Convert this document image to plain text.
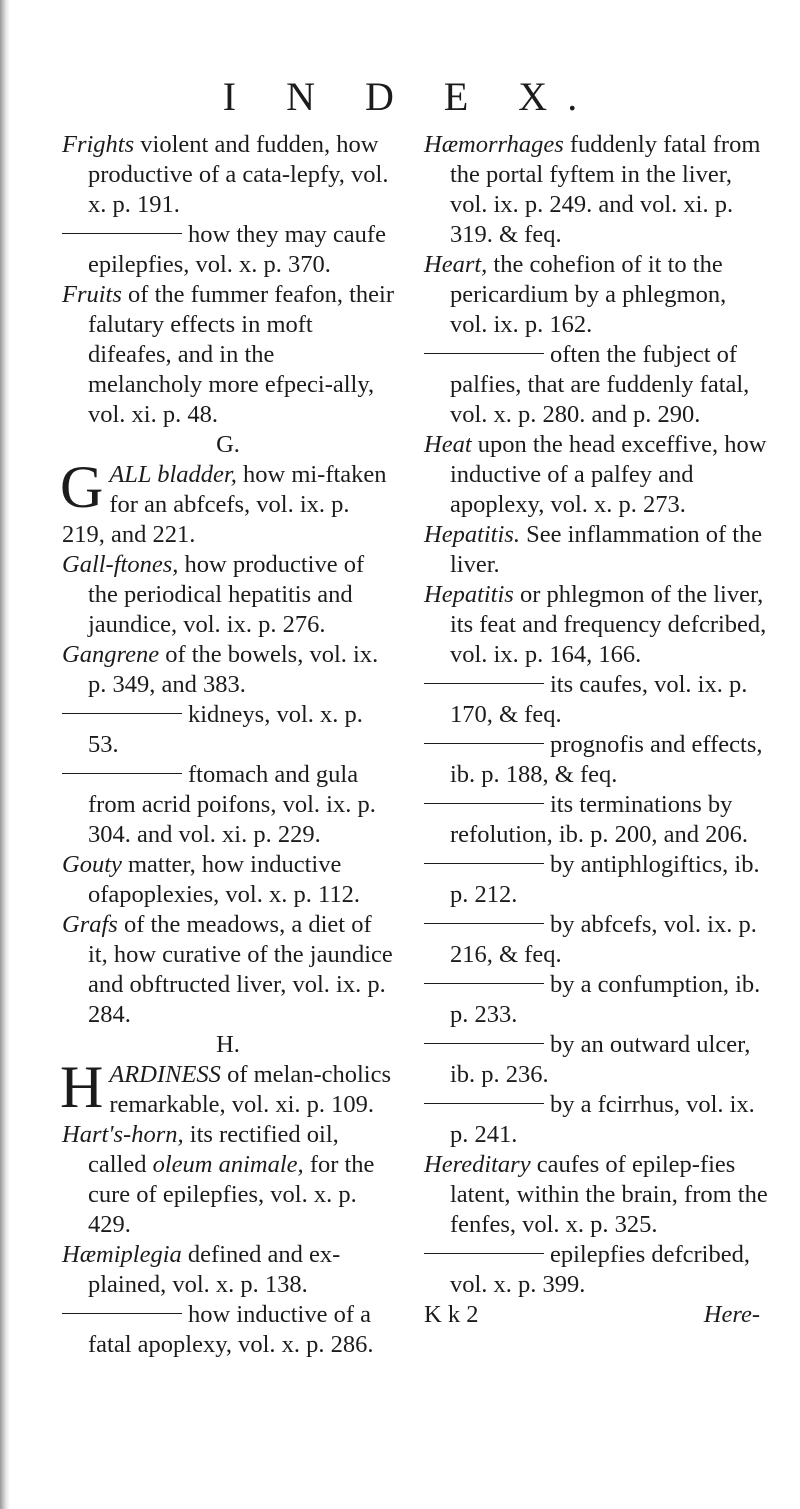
I N D E X.
Frights violent and fudden, how productive of a cata-lepfy, vol. x. p. 191.
how they may caufe epilepfies, vol. x. p. 370.
Fruits of the fummer feafon, their falutary effects in moft difeafes, and in the melancholy more efpeci-ally, vol. xi. p. 48.
G.
GALL bladder, how mi-ftaken for an abfcefs, vol. ix. p. 219, and 221.
Gall-ftones, how productive of the periodical hepatitis and jaundice, vol. ix. p. 276.
Gangrene of the bowels, vol. ix. p. 349, and 383.
kidneys, vol. x. p. 53.
ftomach and gula from acrid poifons, vol. ix. p. 304. and vol. xi. p. 229.
Gouty matter, how inductive ofapoplexies, vol. x. p. 112.
Grafs of the meadows, a diet of it, how curative of the jaundice and obftructed liver, vol. ix. p. 284.
H.
HARDINESS of melan-cholics remarkable, vol. xi. p. 109.
Hart's-horn, its rectified oil, called oleum animale, for the cure of epilepfies, vol. x. p. 429.
Hæmiplegia defined and ex-plained, vol. x. p. 138.
how inductive of a fatal apoplexy, vol. x. p. 286.
Hæmorrhages fuddenly fatal from the portal fyftem in the liver, vol. ix. p. 249. and vol. xi. p. 319. & feq.
Heart, the cohefion of it to the pericardium by a phlegmon, vol. ix. p. 162.
often the fubject of palfies, that are fuddenly fatal, vol. x. p. 280. and p. 290.
Heat upon the head exceffive, how inductive of a palfey and apoplexy, vol. x. p. 273.
Hepatitis. See inflammation of the liver.
Hepatitis or phlegmon of the liver, its feat and frequency defcribed, vol. ix. p. 164, 166.
its caufes, vol. ix. p. 170, & feq.
prognofis and effects, ib. p. 188, & feq.
its terminations by refolution, ib. p. 200, and 206.
by antiphlogiftics, ib. p. 212.
by abfcefs, vol. ix. p. 216, & feq.
by a confumption, ib. p. 233.
by an outward ulcer, ib. p. 236.
by a fcirrhus, vol. ix. p. 241.
Hereditary caufes of epilep-fies latent, within the brain, from the fenfes, vol. x. p. 325.
epilepfies defcribed, vol. x. p. 399.
K k 2	Here-
